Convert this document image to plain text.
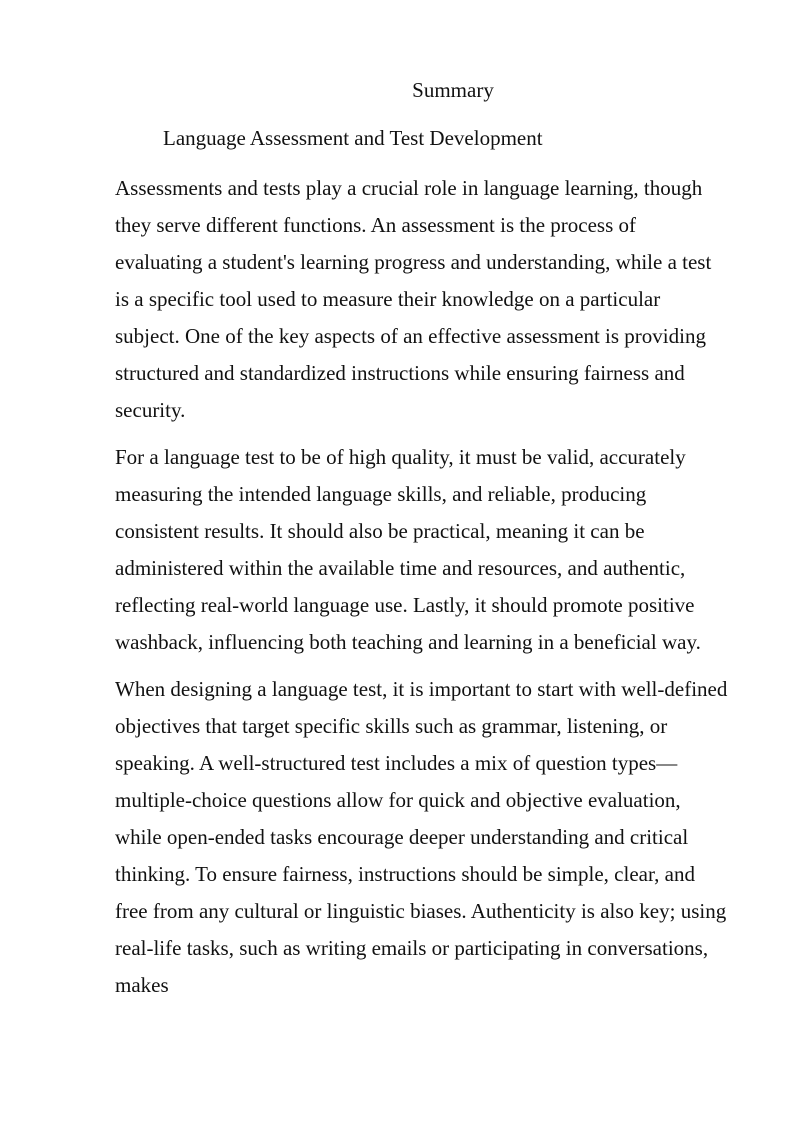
Summary
Language Assessment and Test Development

Assessments and tests play a crucial role in language learning, though
they serve different functions. An assessment is the process of
evaluating a student's learning progress and understanding, while a test
is a specific tool used to measure their knowledge on a particular
subject. One of the key aspects of an effective assessment is providing
structured and standardized instructions while ensuring fairness and
security.

For a language test to be of high quality, it must be valid, accurately
measuring the intended language skills, and reliable, producing
consistent results. It should also be practical, meaning it can be
administered within the available time and resources, and authentic,
reflecting real-world language use. Lastly, it should promote positive
washback, influencing both teaching and learning in a beneficial way.

When designing a language test, it is important to start with well-defined
objectives that target specific skills such as grammar, listening, or
speaking. A well-structured test includes a mix of question types—
multiple-choice questions allow for quick and objective evaluation,
while open-ended tasks encourage deeper understanding and critical
thinking. To ensure fairness, instructions should be simple, clear, and
free from any cultural or linguistic biases. Authenticity is also key; using
real-life tasks, such as writing emails or participating in conversations,
makes
